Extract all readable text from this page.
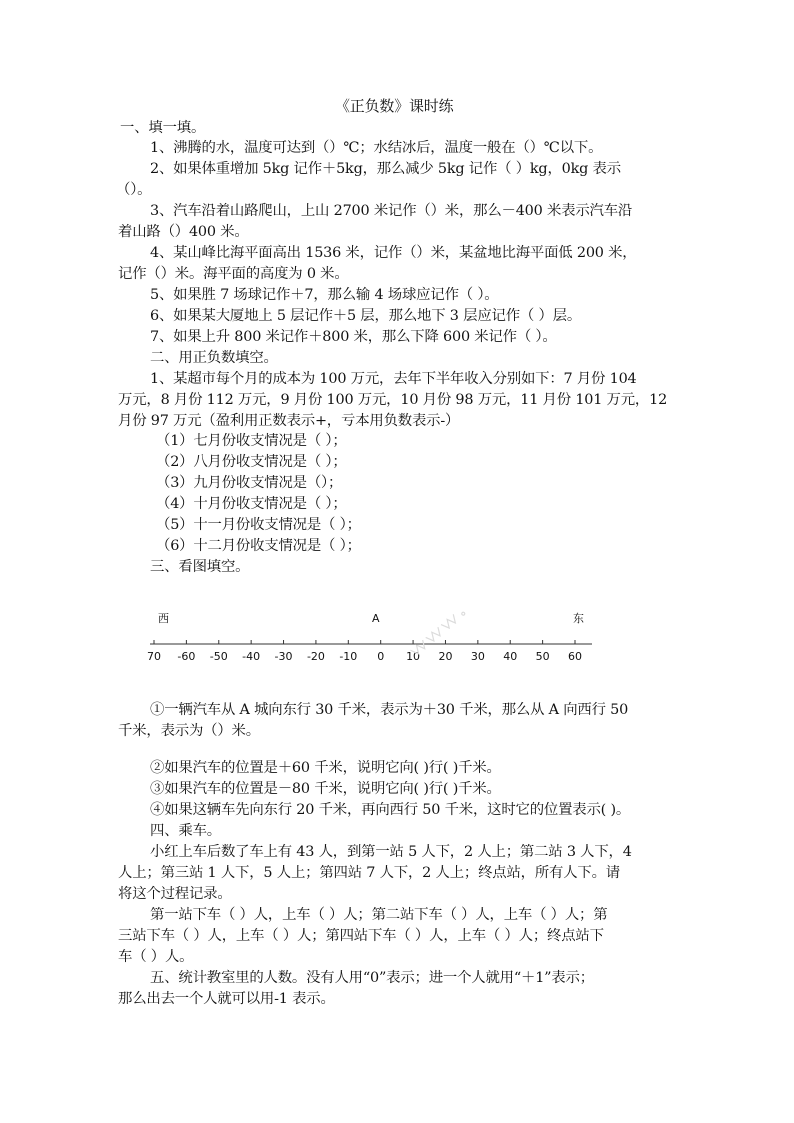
《正负数》课时练
一、填一填。
1、沸腾的水，温度可达到（）℃；水结冰后，温度一般在（）℃以下。
2、如果体重增加 5kg 记作＋5kg，那么减少 5kg 记作（ ）kg，0kg 表示
（）。
3、汽车沿着山路爬山，上山 2700 米记作（）米，那么－400 米表示汽车沿
着山路（）400 米。
4、某山峰比海平面高出 1536 米，记作（）米，某盆地比海平面低 200 米，
记作（）米。海平面的高度为 0 米。
5、如果胜 7 场球记作＋7，那么输 4 场球应记作（ ）。
6、如果某大厦地上 5 层记作＋5 层，那么地下 3 层应记作（ ）层。
7、如果上升 800 米记作＋800 米，那么下降 600 米记作（ ）。
二、用正负数填空。
1、某超市每个月的成本为 100 万元，去年下半年收入分别如下：7 月份 104
万元，8 月份 112 万元，9 月份 100 万元，10 月份 98 万元，11 月份 101 万元，12
月份 97 万元（盈利用正数表示+，亏本用负数表示-）
（1）七月份收支情况是（ ）；
（2）八月份收支情况是（ ）；
（3）九月份收支情况是（）；
（4）十月份收支情况是（ ）；
（5）十一月份收支情况是（ ）；
（6）十二月份收支情况是（ ）；
三、看图填空。
西	A	东
70 -60 -50 -40 -30 -20 -10 0 10 20 30 40 50 60
①一辆汽车从 A 城向东行 30 千米，表示为＋30 千米，那么从 A 向西行 50
千米，表示为（）米。
②如果汽车的位置是＋60 千米，说明它向( )行( )千米。
③如果汽车的位置是－80 千米，说明它向( )行( )千米。
④如果这辆车先向东行 20 千米，再向西行 50 千米，这时它的位置表示( )。
四、乘车。
小红上车后数了车上有 43 人，到第一站 5 人下，2 人上；第二站 3 人下，4
人上；第三站 1 人下，5 人上；第四站 7 人下，2 人上；终点站，所有人下。请
将这个过程记录。
第一站下车（ ）人，上车（ ）人；第二站下车（ ）人，上车（ ）人；第
三站下车（ ）人，上车（ ）人；第四站下车（ ）人，上车（ ）人；终点站下
车（ ）人。
五、统计教室里的人数。没有人用“0”表示；进一个人就用“＋1”表示；
那么出去一个人就可以用-1 表示。
